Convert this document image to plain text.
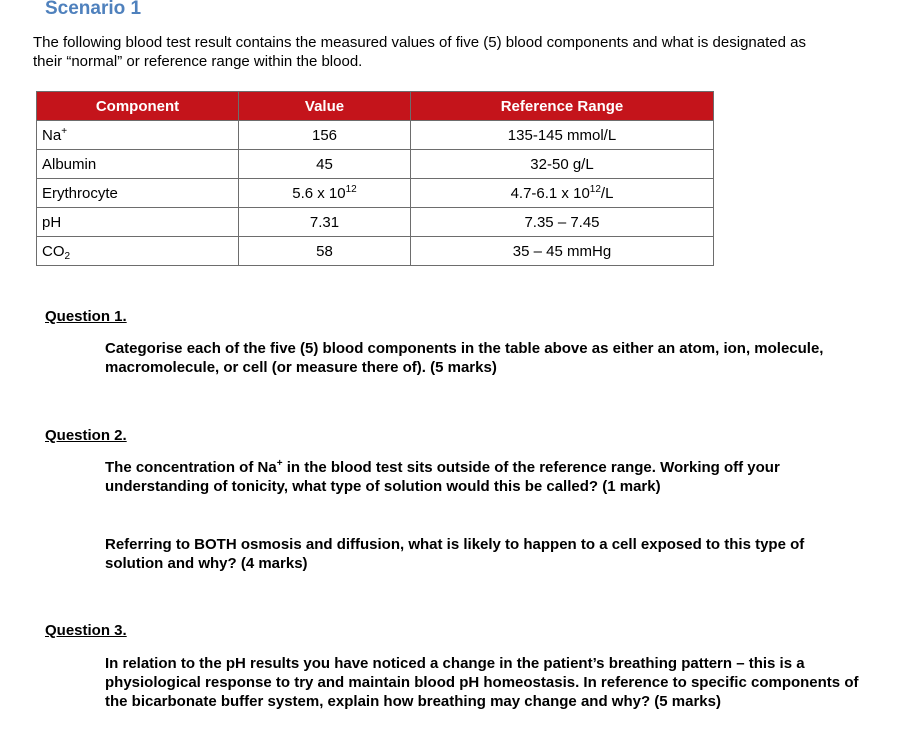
Scenario 1

The following blood test result contains the measured values of five (5) blood components and what is designated as their “normal” or reference range within the blood.

Component	Value	Reference Range
Na+	156	135-145 mmol/L
Albumin	45	32-50 g/L
Erythrocyte	5.6 x $10^{12}$	4.7-6.1 x $10^{12}/L$
pH	7.31	7.35 – 7.45
$CO_2$	58	35 – 45 mmHg

Question 1.

Categorise each of the five (5) blood components in the table above as either an atom, ion, molecule, macromolecule, or cell (or measure there of). (5 marks)

Question 2.

The concentration of Na+ in the blood test sits outside of the reference range. Working off your understanding of tonicity, what type of solution would this be called? (1 mark)

Referring to BOTH osmosis and diffusion, what is likely to happen to a cell exposed to this type of solution and why? (4 marks)

Question 3.

In relation to the pH results you have noticed a change in the patient’s breathing pattern – this is a physiological response to try and maintain blood pH homeostasis. In reference to specific components of the bicarbonate buffer system, explain how breathing may change and why? (5 marks)
